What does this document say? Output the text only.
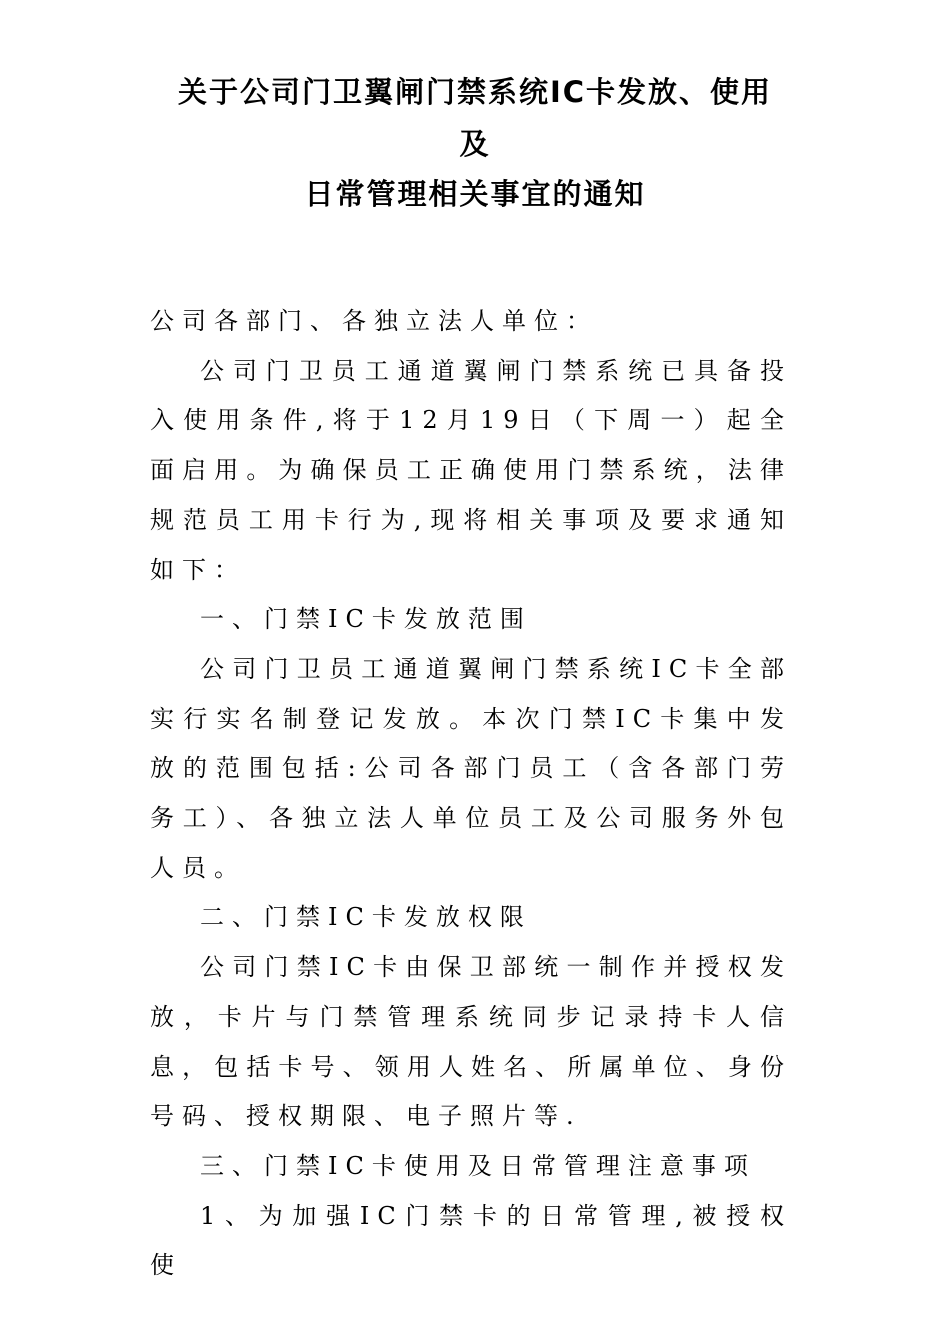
关于公司门卫翼闸门禁系统IC卡发放、使用
及
日常管理相关事宜的通知

公司各部门、各独立法人单位：

公司门卫员工通道翼闸门禁系统已具备投入使用条件,将于12月19日（下周一）起全面启用。为确保员工正确使用门禁系统，法律规范员工用卡行为,现将相关事项及要求通知如下：

一、门禁IC卡发放范围

公司门卫员工通道翼闸门禁系统IC卡全部实行实名制登记发放。本次门禁IC卡集中发放的范围包括:公司各部门员工（含各部门劳务工）、各独立法人单位员工及公司服务外包人员。

二、门禁IC卡发放权限

公司门禁IC卡由保卫部统一制作并授权发放，卡片与门禁管理系统同步记录持卡人信息，包括卡号、领用人姓名、所属单位、身份号码、授权期限、电子照片等.

三、门禁IC卡使用及日常管理注意事项

1、为加强IC门禁卡的日常管理,被授权使
